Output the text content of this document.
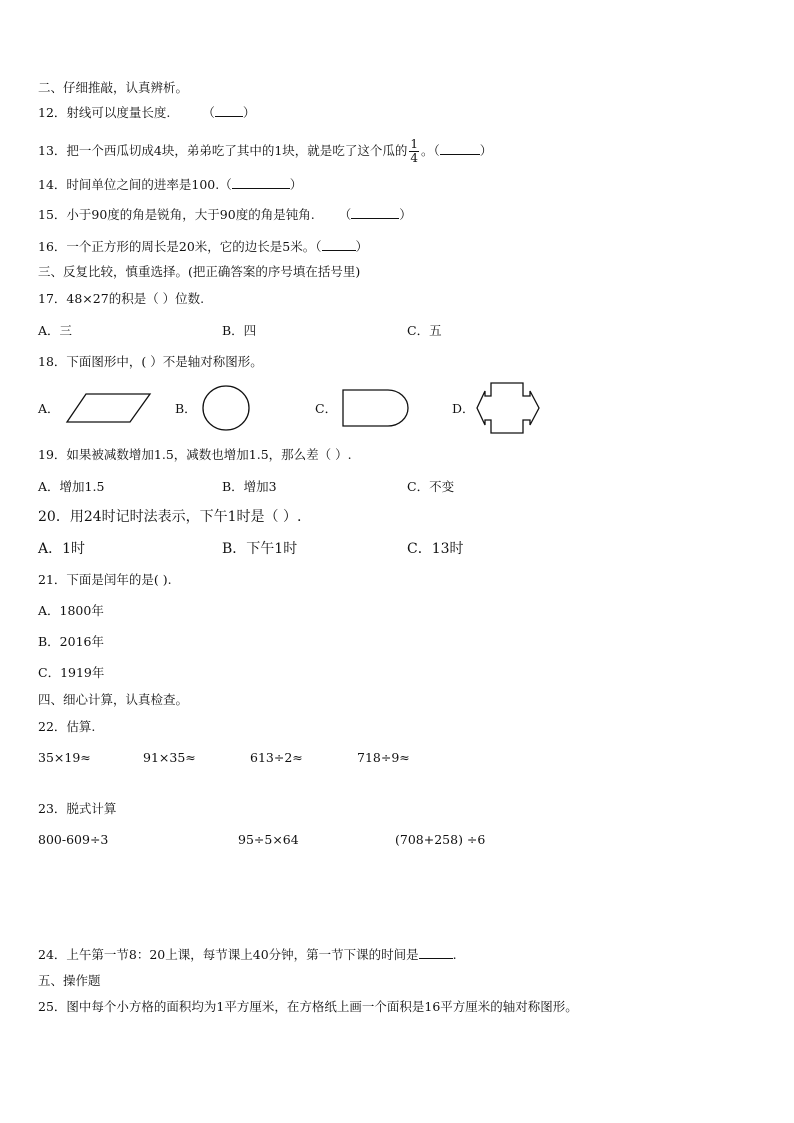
二、仔细推敲，认真辨析。
12．射线可以度量长度.	（ ）
13．把一个西瓜切成4块，弟弟吃了其中的1块，就是吃了这个瓜的 $\frac{1}{4}$ 。（	）
14．时间单位之间的进率是100.（	）
15．小于90度的角是锐角，大于90度的角是钝角. （	）
16．一个正方形的周长是20米，它的边长是5米。（	）
三、反复比较，慎重选择。(把正确答案的序号填在括号里)
17．48×27的积是（ ）位数.
A．三	B．四	C．五
18．下面图形中，( ）不是轴对称图形。
A．	B．	C．	D．
19．如果被减数增加1.5，减数也增加1.5，那么差（ ）.
A．增加1.5	B．增加3	C．不变
20．用24时记时法表示，下午1时是（ ）.
A．1时	B．下午1时	C．13时
21．下面是闰年的是( ).
A．1800年
B．2016年
C．1919年
四、细心计算，认真检查。
22．估算.
35×19≈	91×35≈	613÷2≈	718÷9≈
23．脱式计算
800-609÷3	95÷5×64	(708+258) ÷6
24．上午第一节8：20上课，每节课上40分钟，第一节下课的时间是	.
五、操作题
25．图中每个小方格的面积均为1平方厘米，在方格纸上画一个面积是16平方厘米的轴对称图形。
